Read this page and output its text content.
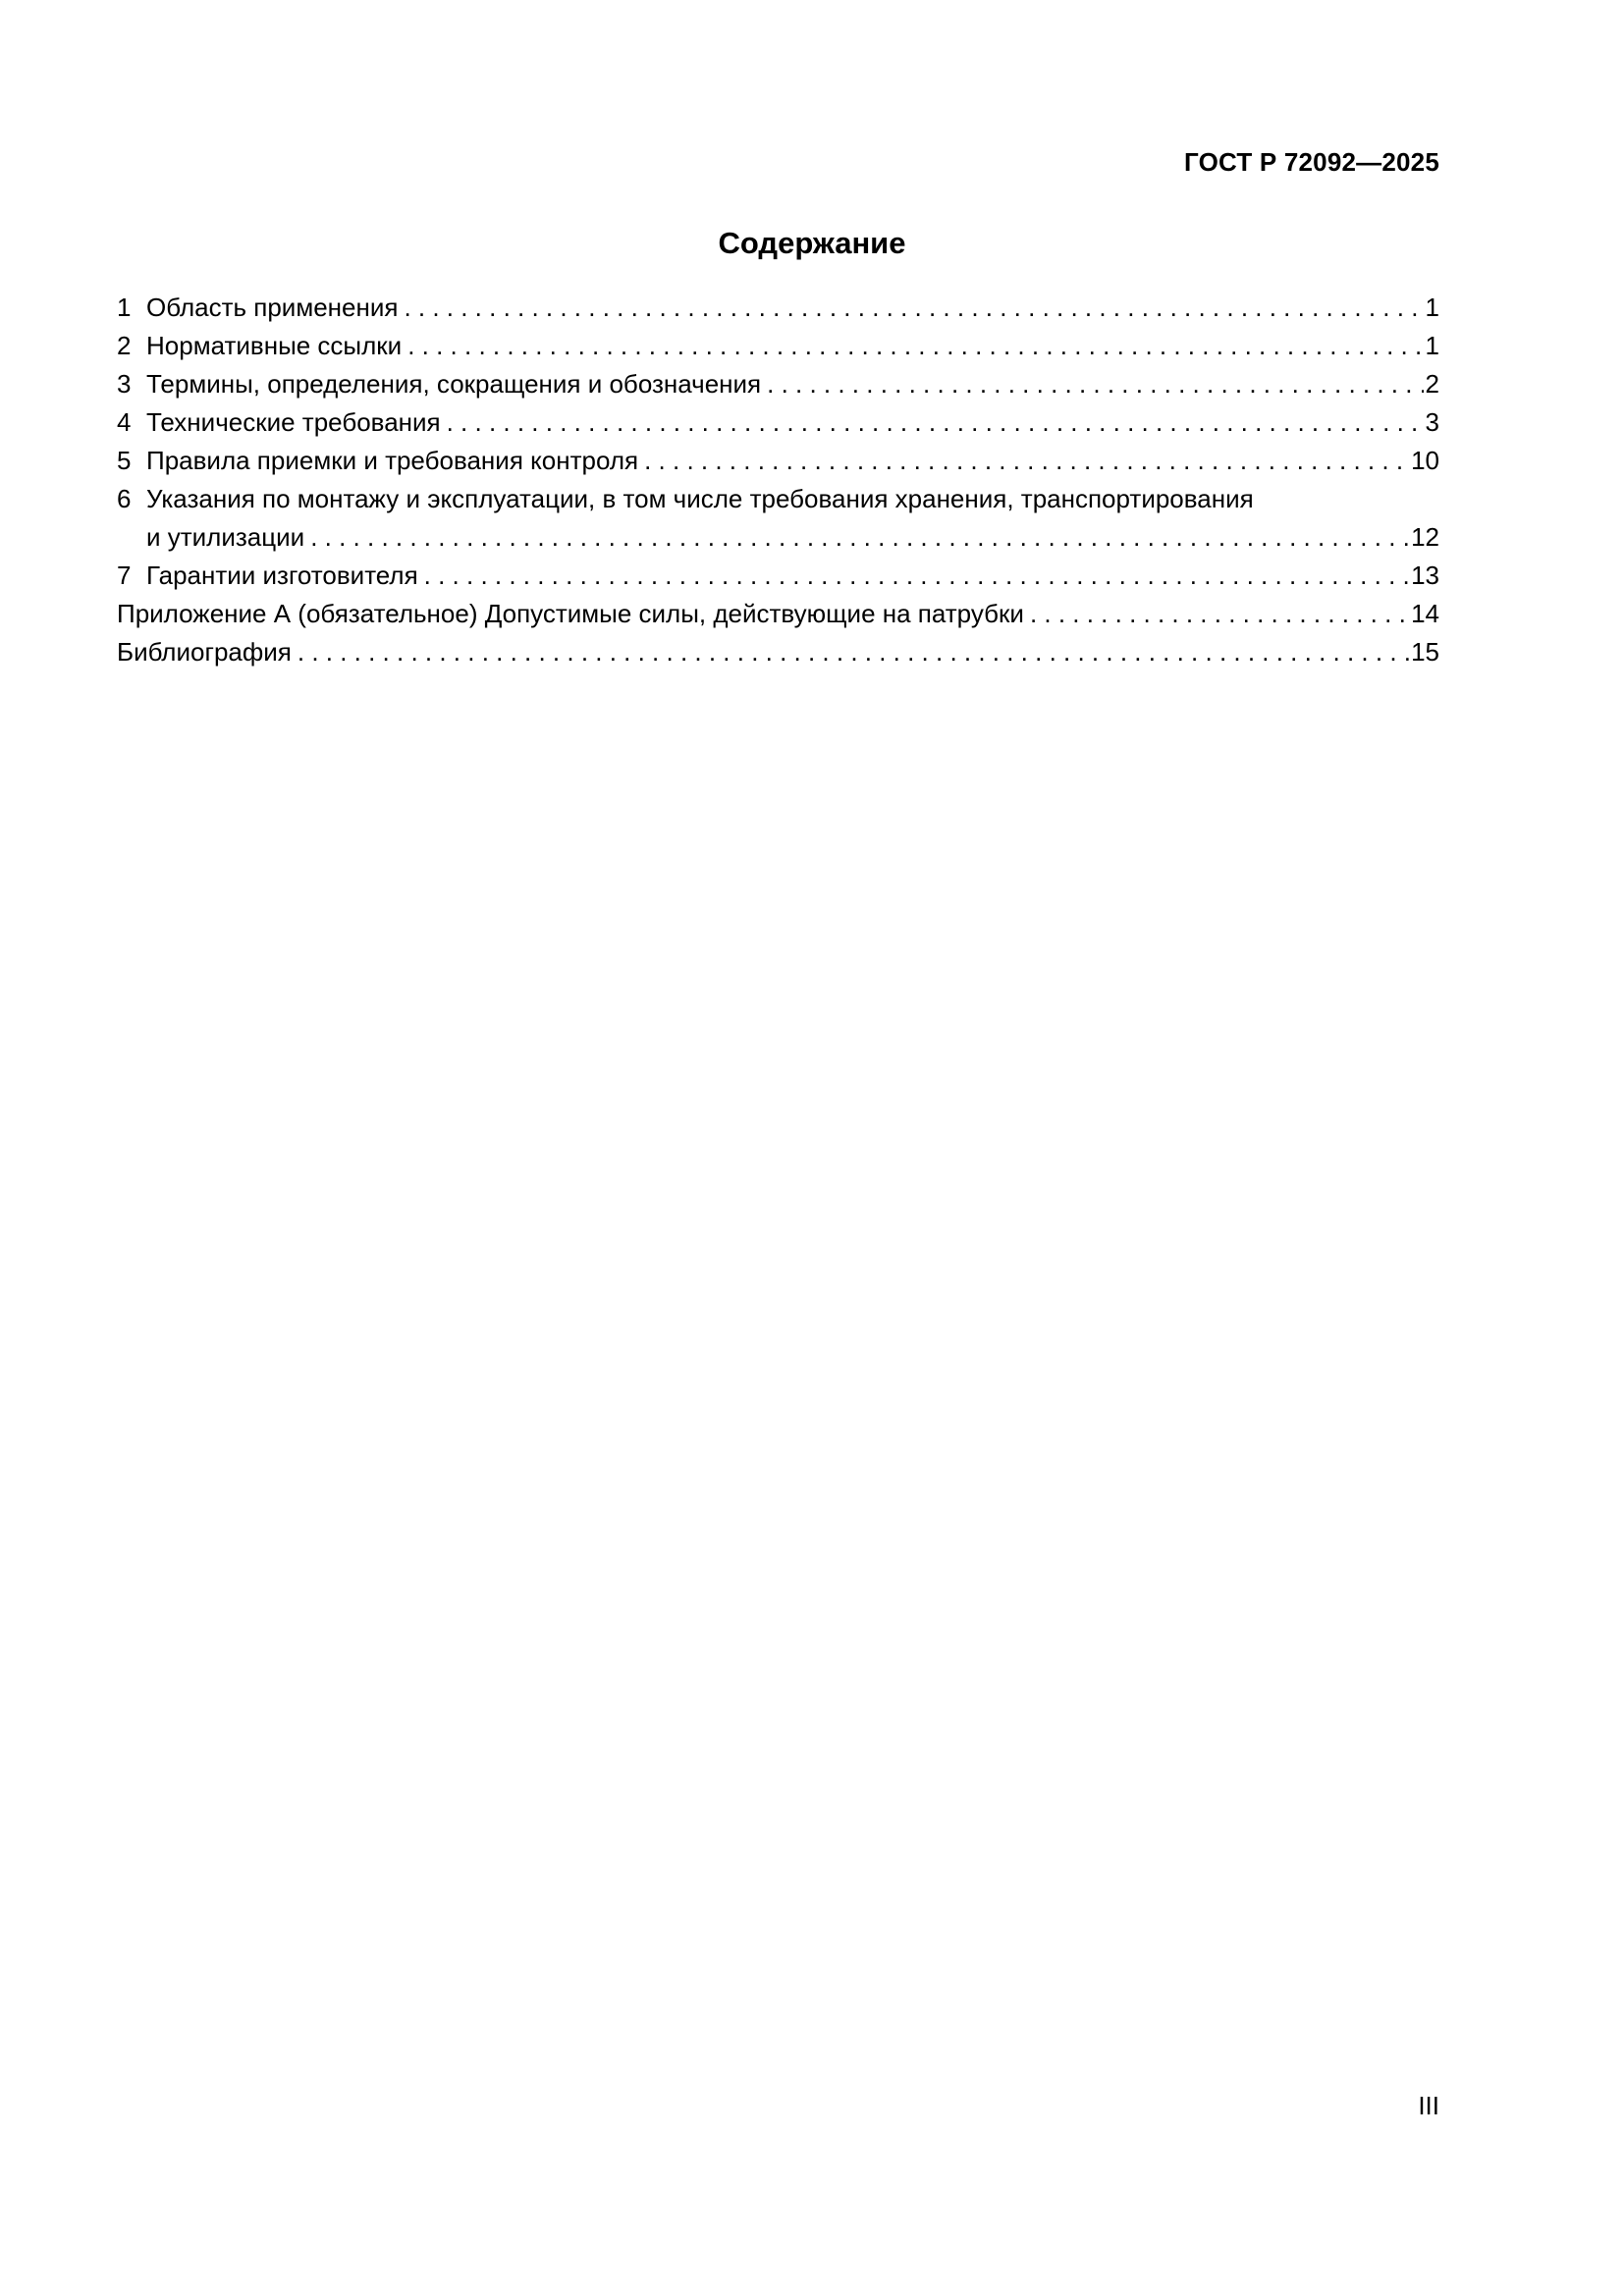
ГОСТ Р 72092—2025
Содержание
1 Область применения . . .	1
2 Нормативные ссылки . . .	1
3 Термины, определения, сокращения и обозначения . . .	2
4 Технические требования . . .	3
5 Правила приемки и требования контроля . . .	10
6 Указания по монтажу и эксплуатации, в том числе требования хранения, транспортирования
и утилизации . . .	12
7 Гарантии изготовителя . . .	13
Приложение А (обязательное) Допустимые силы, действующие на патрубки . . .	14
Библиография . . .	15
III
